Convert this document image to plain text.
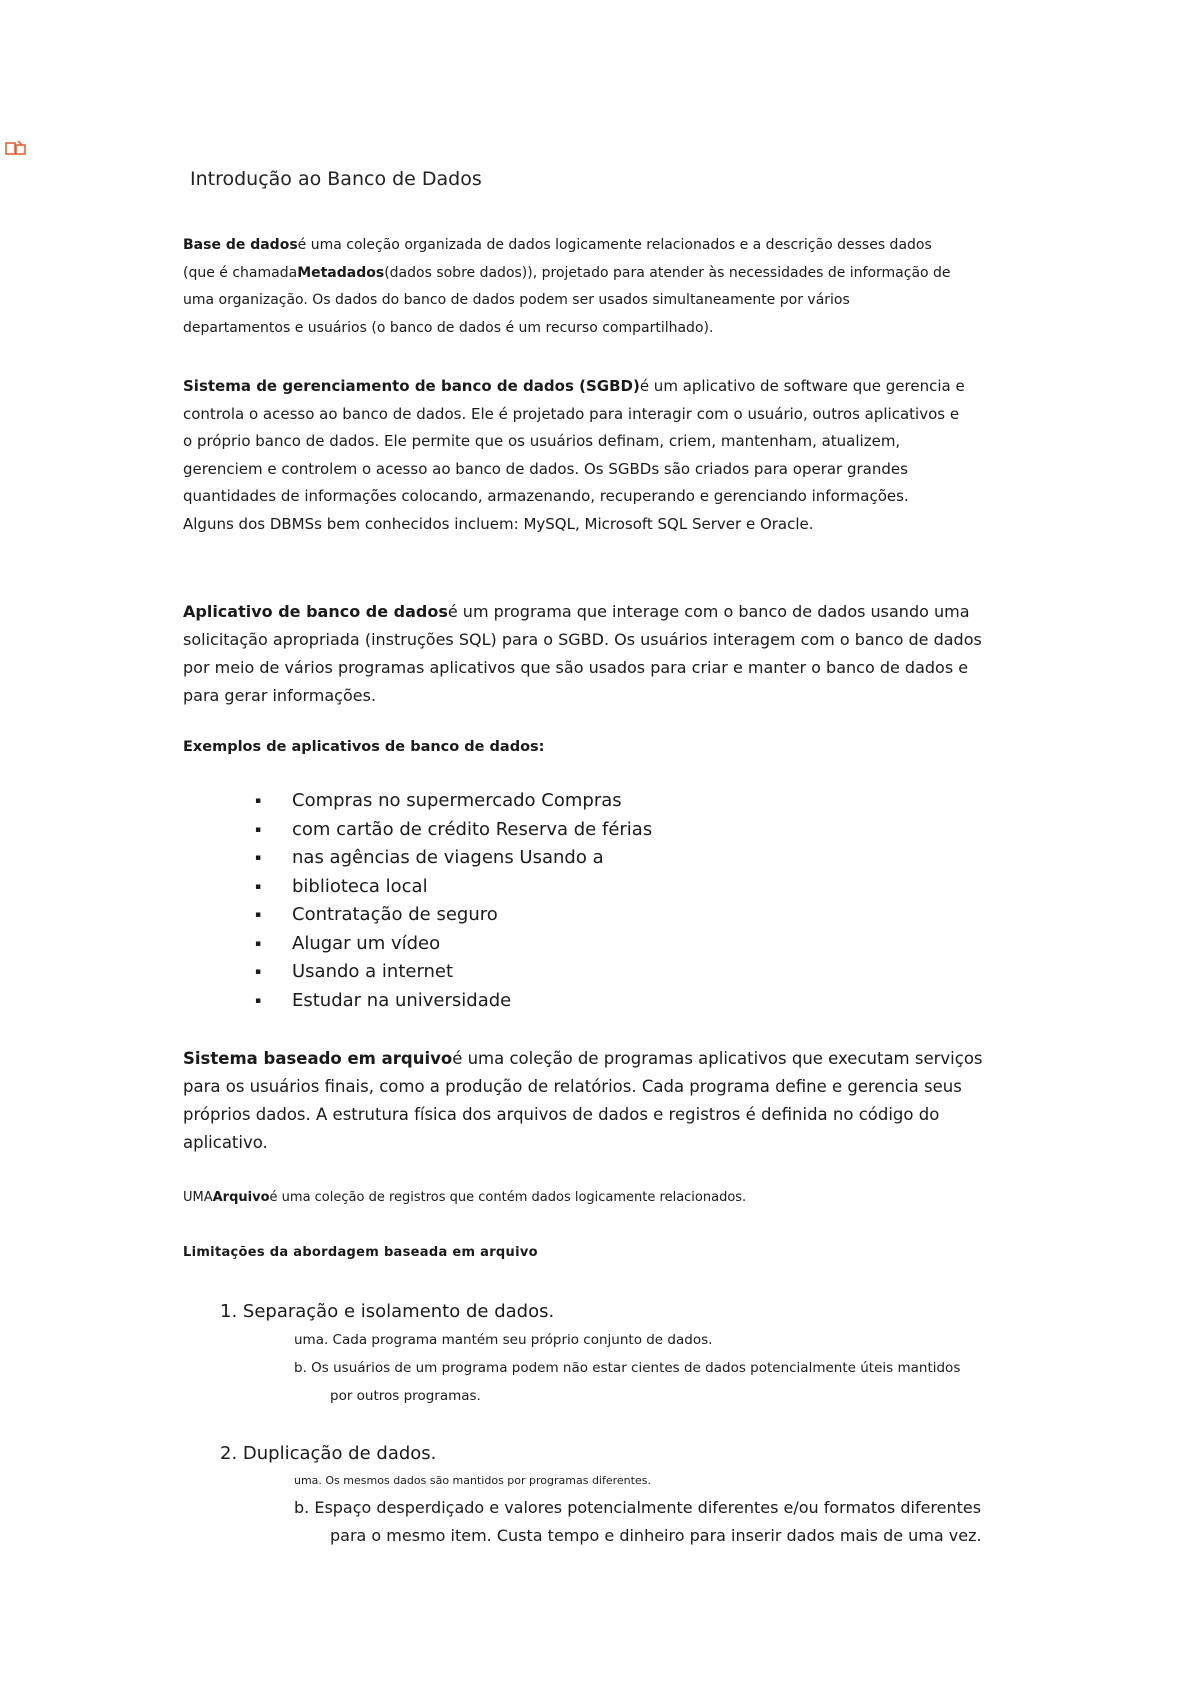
Introdução ao Banco de Dados
Base de dadosé uma coleção organizada de dados logicamente relacionados e a descrição desses dados
(que é chamadaMetadados(dados sobre dados)), projetado para atender às necessidades de informação de
uma organização. Os dados do banco de dados podem ser usados simultaneamente por vários
departamentos e usuários (o banco de dados é um recurso compartilhado).
Sistema de gerenciamento de banco de dados (SGBD)é um aplicativo de software que gerencia e
controla o acesso ao banco de dados. Ele é projetado para interagir com o usuário, outros aplicativos e
o próprio banco de dados. Ele permite que os usuários definam, criem, mantenham, atualizem,
gerenciem e controlem o acesso ao banco de dados. Os SGBDs são criados para operar grandes
quantidades de informações colocando, armazenando, recuperando e gerenciando informações.
Alguns dos DBMSs bem conhecidos incluem: MySQL, Microsoft SQL Server e Oracle.
Aplicativo de banco de dadosé um programa que interage com o banco de dados usando uma
solicitação apropriada (instruções SQL) para o SGBD. Os usuários interagem com o banco de dados
por meio de vários programas aplicativos que são usados para criar e manter o banco de dados e
para gerar informações.
Exemplos de aplicativos de banco de dados:
▪ Compras no supermercado Compras
▪ com cartão de crédito Reserva de férias
▪ nas agências de viagens Usando a
▪ biblioteca local
▪ Contratação de seguro
▪ Alugar um vídeo
▪ Usando a internet
▪ Estudar na universidade
Sistema baseado em arquivoé uma coleção de programas aplicativos que executam serviços
para os usuários finais, como a produção de relatórios. Cada programa define e gerencia seus
próprios dados. A estrutura física dos arquivos de dados e registros é definida no código do
aplicativo.
UMAArquivoé uma coleção de registros que contém dados logicamente relacionados.
Limitações da abordagem baseada em arquivo
1. Separação e isolamento de dados.
uma. Cada programa mantém seu próprio conjunto de dados.
b. Os usuários de um programa podem não estar cientes de dados potencialmente úteis mantidos
por outros programas.
2. Duplicação de dados.
uma. Os mesmos dados são mantidos por programas diferentes.
b. Espaço desperdiçado e valores potencialmente diferentes e/ou formatos diferentes
para o mesmo item. Custa tempo e dinheiro para inserir dados mais de uma vez.
